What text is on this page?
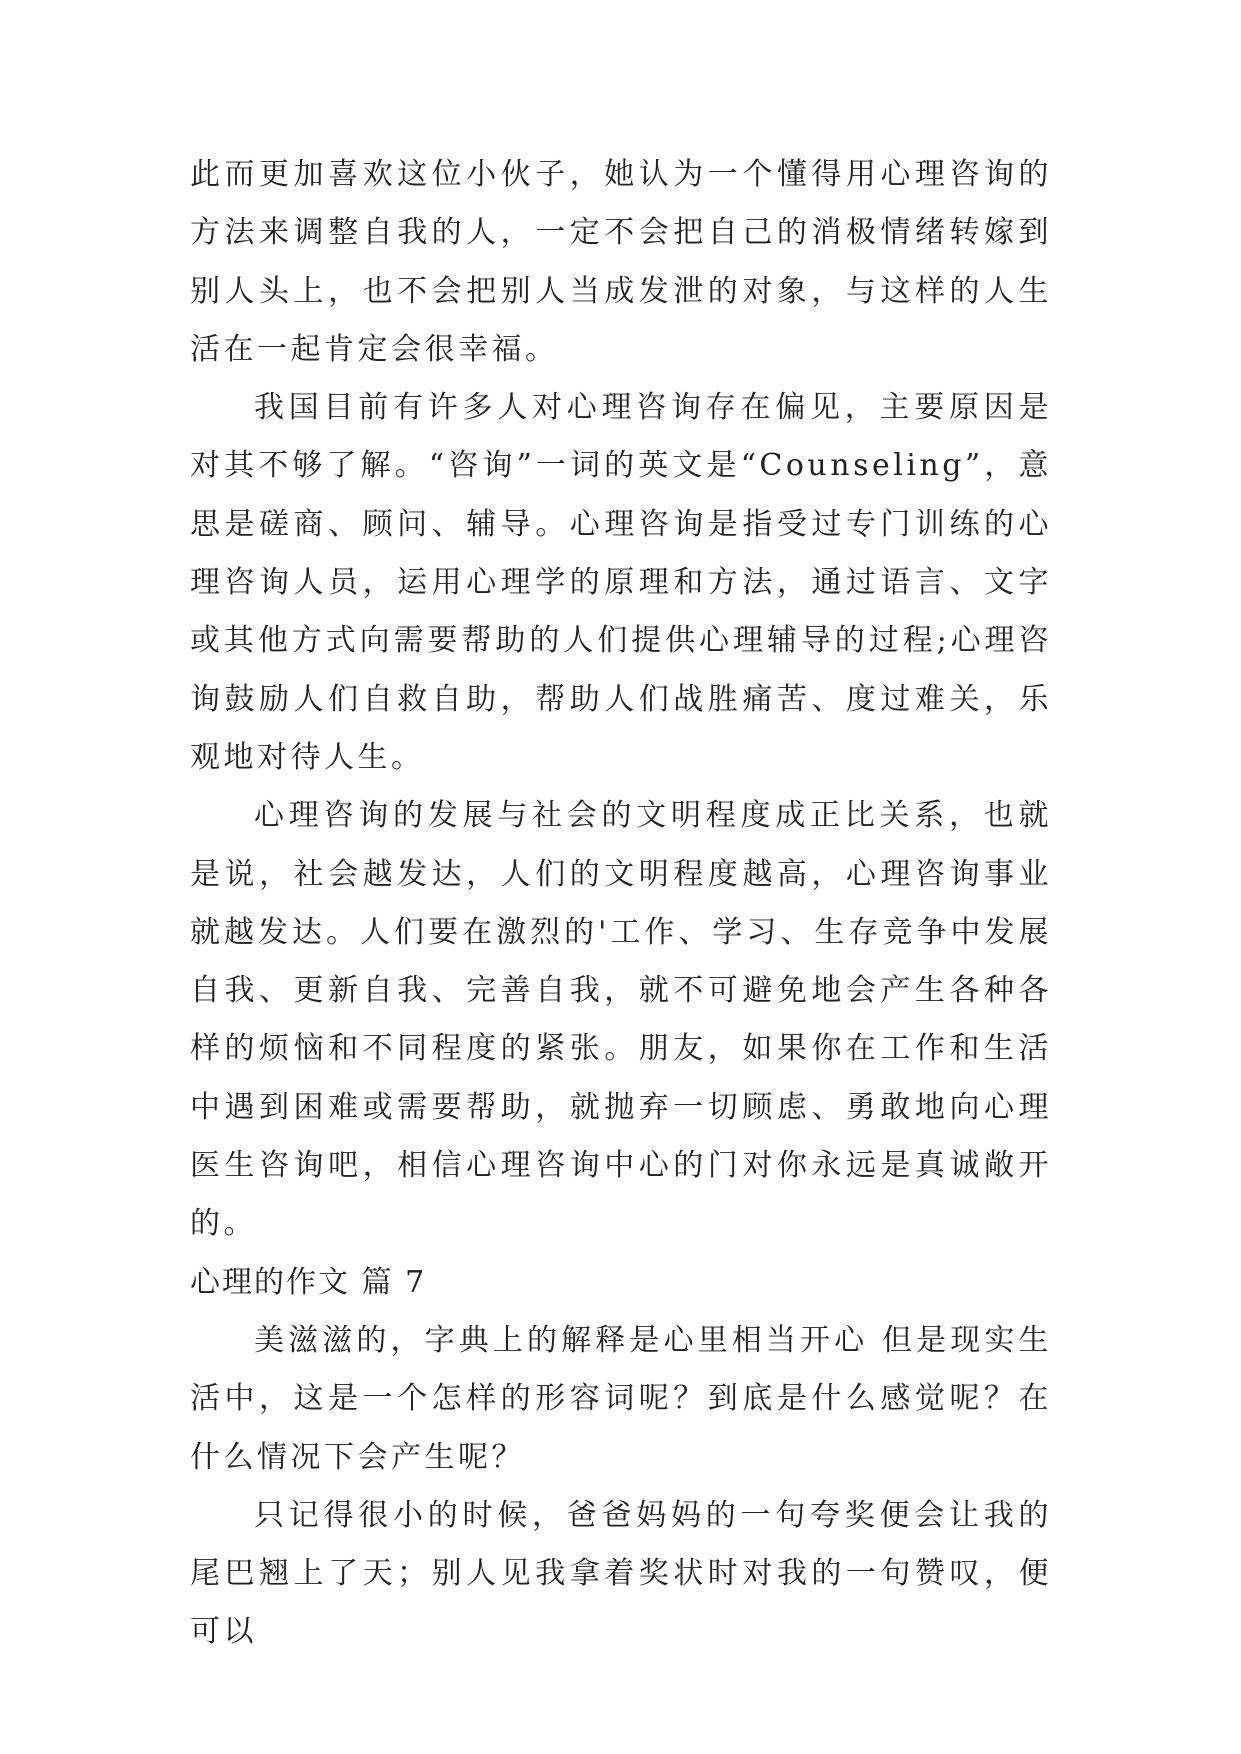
此而更加喜欢这位小伙子，她认为一个懂得用心理咨询的方法来调整自我的人，一定不会把自己的消极情绪转嫁到别人头上，也不会把别人当成发泄的对象，与这样的人生活在一起肯定会很幸福。

我国目前有许多人对心理咨询存在偏见，主要原因是对其不够了解。“咨询”一词的英文是“Counseling”，意思是磋商、顾问、辅导。心理咨询是指受过专门训练的心理咨询人员，运用心理学的原理和方法，通过语言、文字或其他方式向需要帮助的人们提供心理辅导的过程;心理咨询鼓励人们自救自助，帮助人们战胜痛苦、度过难关，乐观地对待人生。

心理咨询的发展与社会的文明程度成正比关系，也就是说，社会越发达，人们的文明程度越高，心理咨询事业就越发达。人们要在激烈的'工作、学习、生存竞争中发展自我、更新自我、完善自我，就不可避免地会产生各种各样的烦恼和不同程度的紧张。朋友，如果你在工作和生活中遇到困难或需要帮助，就抛弃一切顾虑、勇敢地向心理医生咨询吧，相信心理咨询中心的门对你永远是真诚敞开的。

心理的作文 篇 7

美滋滋的，字典上的解释是心里相当开心 但是现实生活中，这是一个怎样的形容词呢？到底是什么感觉呢？在什么情况下会产生呢？

只记得很小的时候，爸爸妈妈的一句夸奖便会让我的尾巴翘上了天；别人见我拿着奖状时对我的一句赞叹，便可以
